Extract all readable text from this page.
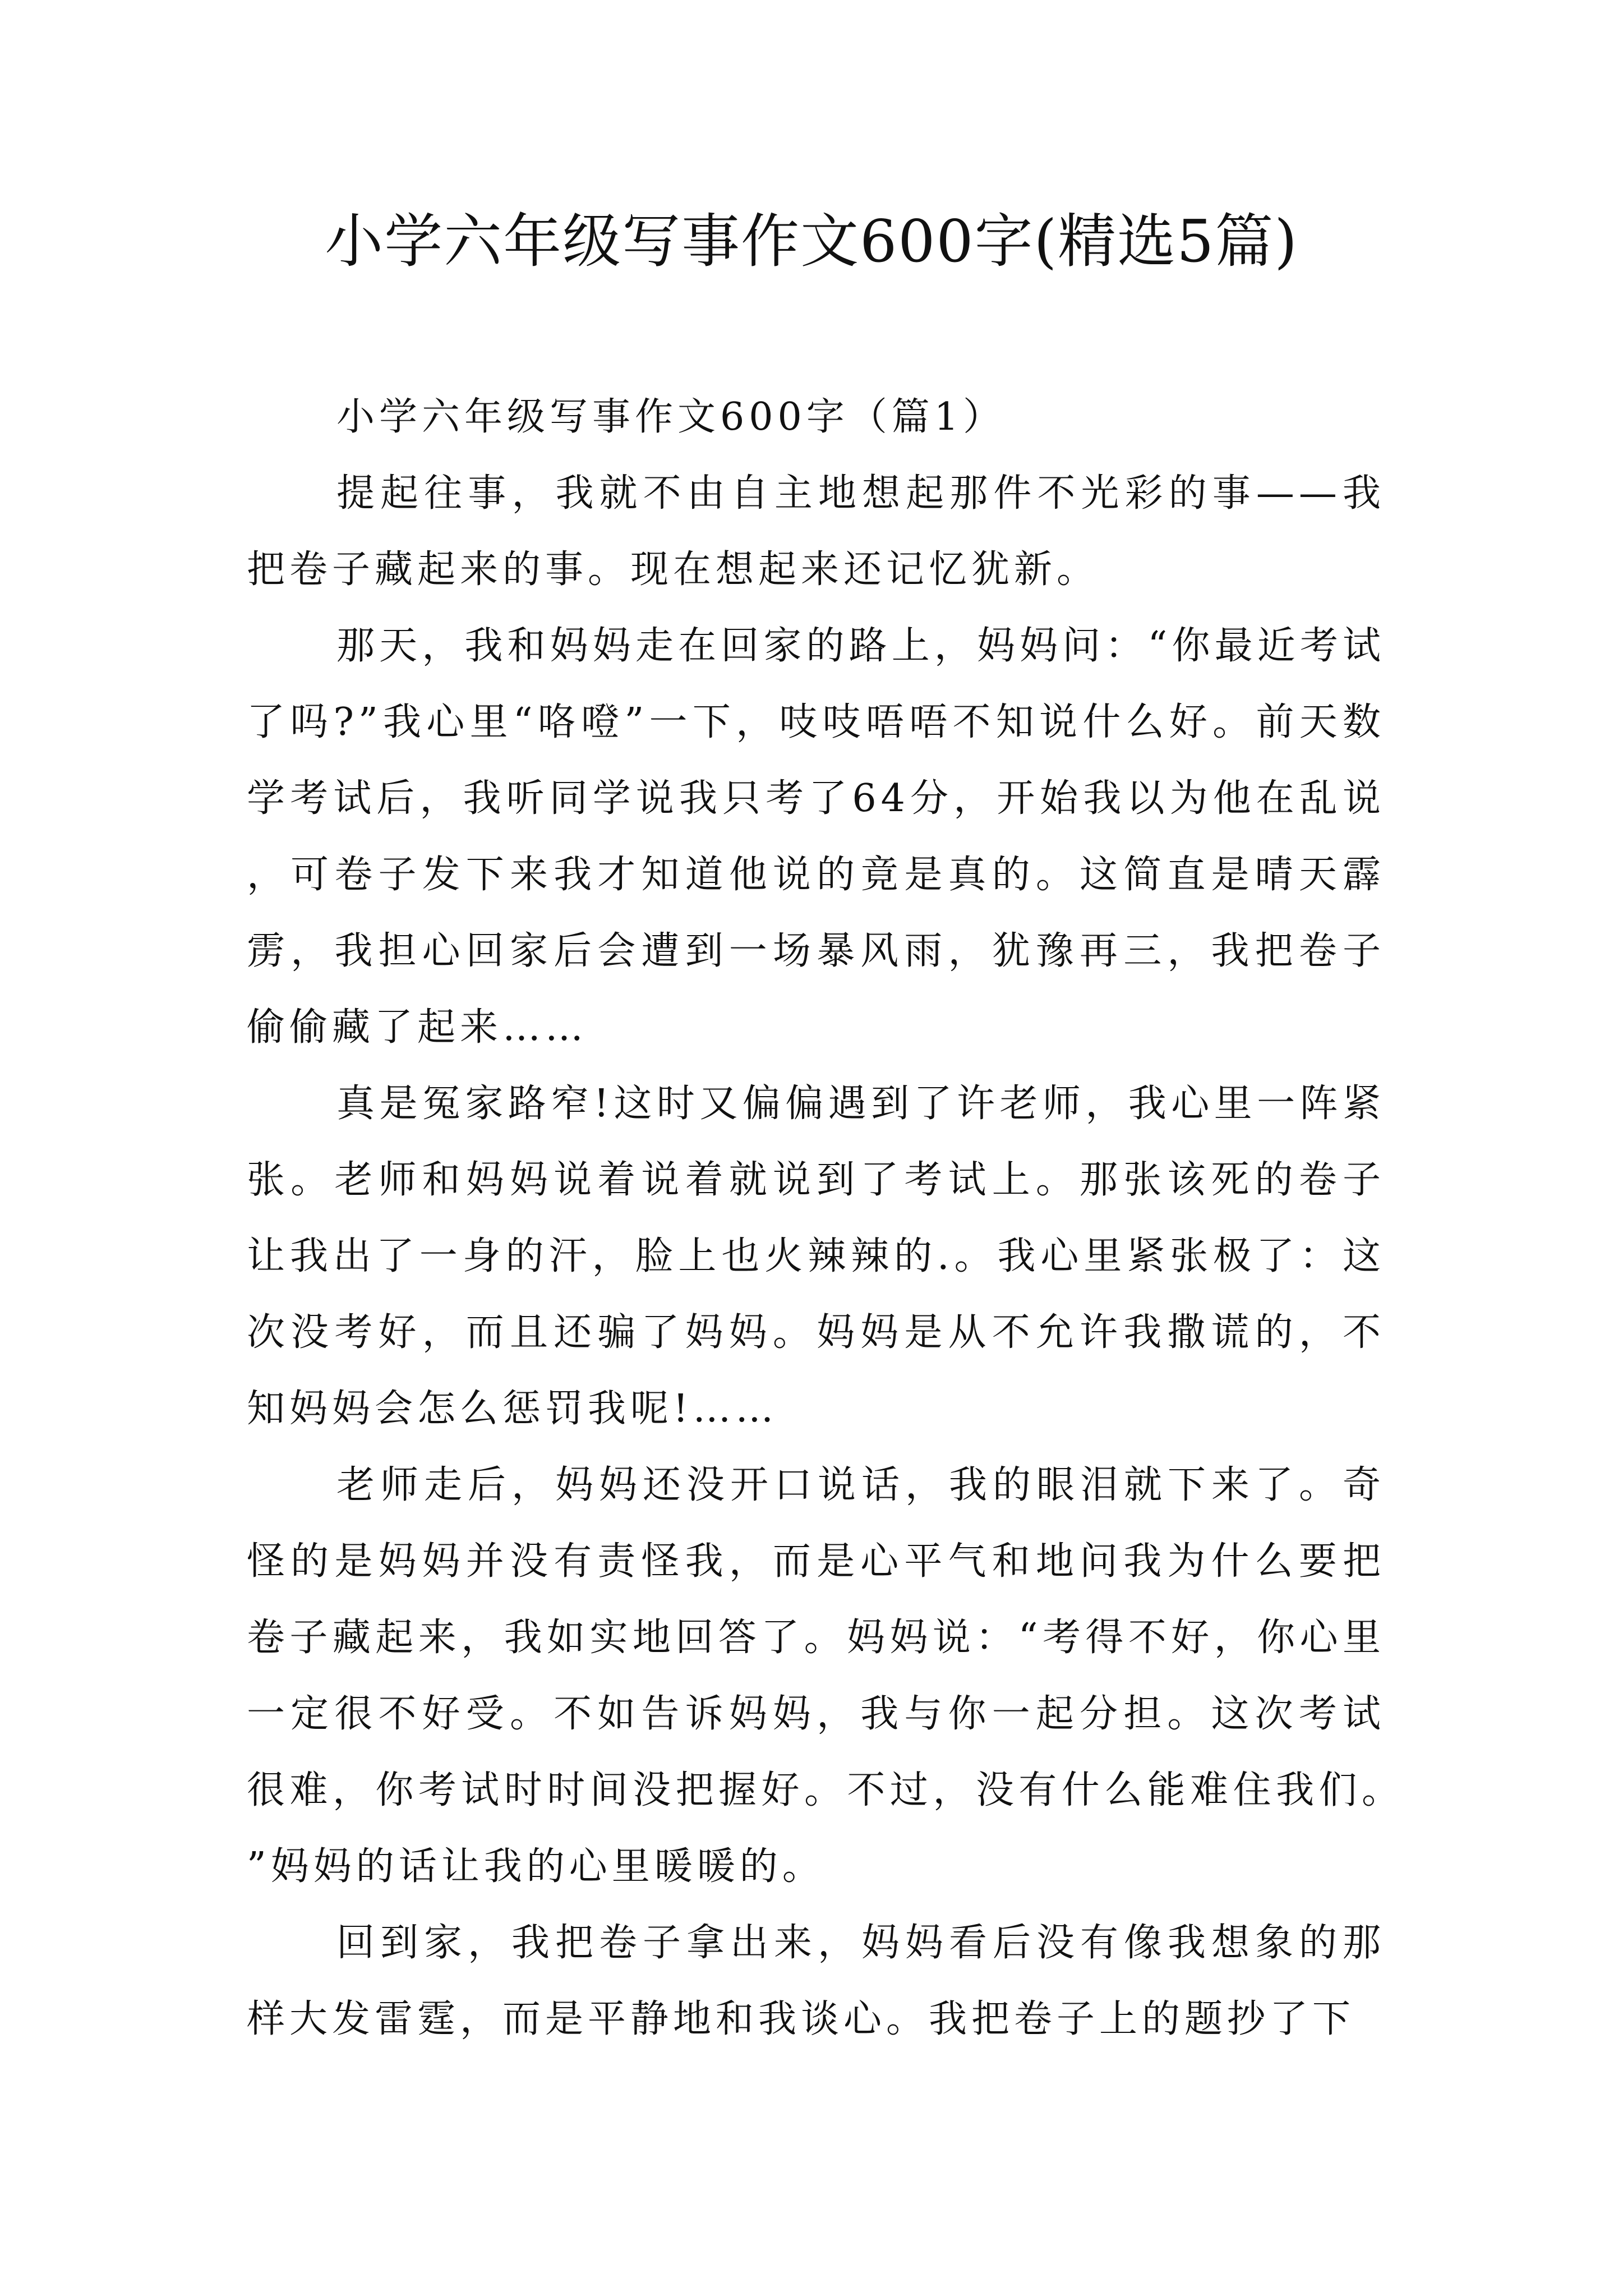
小学六年级写事作文600字(精选5篇)

小学六年级写事作文600字（篇1）

提起往事，我就不由自主地想起那件不光彩的事——我把卷子藏起来的事。现在想起来还记忆犹新。

那天，我和妈妈走在回家的路上，妈妈问：“你最近考试了吗?”我心里“咯噔”一下，吱吱唔唔不知说什么好。前天数学考试后，我听同学说我只考了64分，开始我以为他在乱说，可卷子发下来我才知道他说的竟是真的。这简直是晴天霹雳，我担心回家后会遭到一场暴风雨，犹豫再三，我把卷子偷偷藏了起来……

真是冤家路窄!这时又偏偏遇到了许老师，我心里一阵紧张。老师和妈妈说着说着就说到了考试上。那张该死的卷子让我出了一身的汗，脸上也火辣辣的.。我心里紧张极了：这次没考好，而且还骗了妈妈。妈妈是从不允许我撒谎的，不知妈妈会怎么惩罚我呢!……

老师走后，妈妈还没开口说话，我的眼泪就下来了。奇怪的是妈妈并没有责怪我，而是心平气和地问我为什么要把卷子藏起来，我如实地回答了。妈妈说：“考得不好，你心里一定很不好受。不如告诉妈妈，我与你一起分担。这次考试很难，你考试时时间没把握好。不过，没有什么能难住我们。”妈妈的话让我的心里暖暖的。

回到家，我把卷子拿出来，妈妈看后没有像我想象的那样大发雷霆，而是平静地和我谈心。我把卷子上的题抄了下
